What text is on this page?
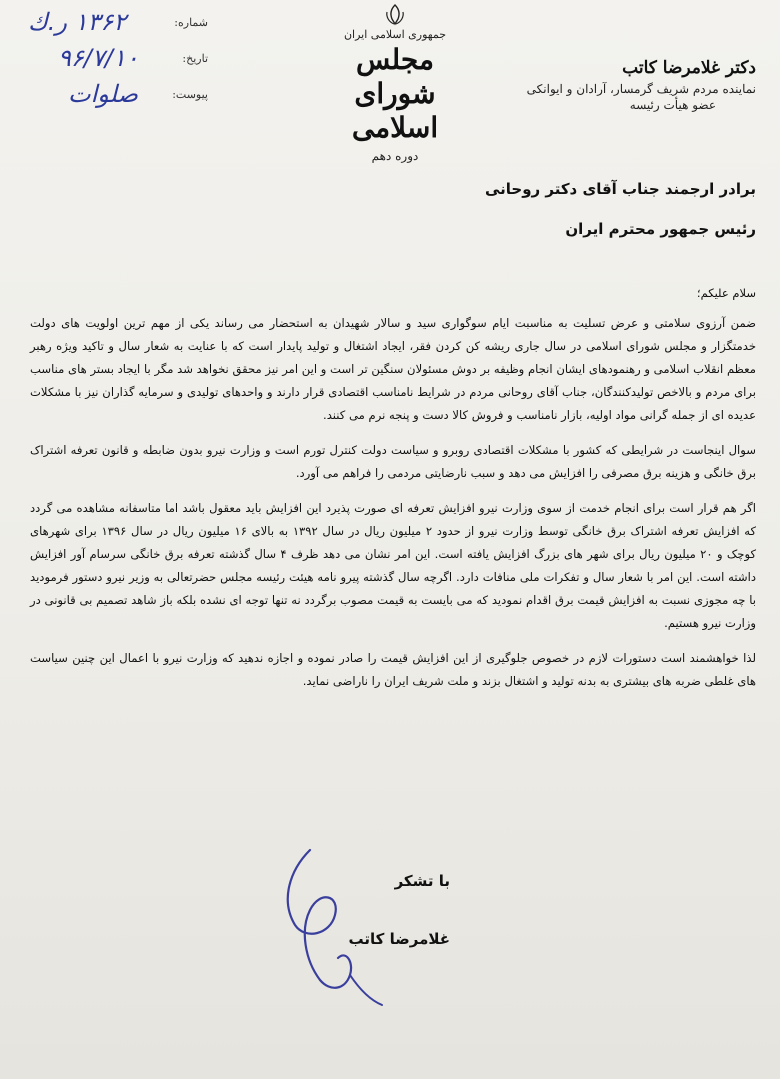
۱۳۶۲ ر.ك	شماره:
۹۶/۷/۱۰	تاريخ:
صلوات	پيوست:
جمهوری اسلامی ایران
مجلس شورای اسلامی
دوره دهم
دکتر غلامرضا کاتب
نماینده مردم شریف گرمسار، آرادان و ایوانکی
عضو هیأت رئیسه
برادر ارجمند جناب آقای دکتر روحانی
رئیس جمهور محترم ایران
سلام علیکم؛

ضمن آرزوی سلامتی و عرض تسلیت به مناسبت ایام سوگواری سید و سالار شهیدان به استحضار می رساند یکی از مهم ترین اولویت های دولت خدمتگزار و مجلس شورای اسلامی در سال جاری ریشه کن کردن فقر، ایجاد اشتغال و تولید پایدار است که با عنایت به شعار سال و تاکید ویژه رهبر معظم انقلاب اسلامی و رهنمودهای ایشان انجام وظیفه بر دوش مسئولان سنگین تر است و این امر نیز محقق نخواهد شد مگر با ایجاد بستر های مناسب برای مردم و بالاخص تولیدکنندگان، جناب آقای روحانی مردم در شرایط نامناسب اقتصادی قرار دارند و واحدهای تولیدی و سرمایه گذاران نیز با مشکلات عدیده ای از جمله گرانی مواد اولیه، بازار نامناسب و فروش کالا دست و پنجه نرم می کنند.

سوال اینجاست در شرایطی که کشور با مشکلات اقتصادی روبرو و سیاست دولت کنترل تورم است و وزارت نیرو بدون ضابطه و قانون تعرفه اشتراک برق خانگی و هزینه برق مصرفی را افزایش می دهد و سبب نارضایتی مردمی را فراهم می آورد.

اگر هم قرار است برای انجام خدمت از سوی وزارت نیرو افزایش تعرفه ای صورت پذیرد این افزایش باید معقول باشد اما متاسفانه مشاهده می گردد که افزایش تعرفه اشتراک برق خانگی توسط وزارت نیرو از حدود ۲ میلیون ریال در سال ۱۳۹۲ به بالای ۱۶ میلیون ریال در سال ۱۳۹۶ برای شهرهای کوچک و ۲۰ میلیون ریال برای شهر های بزرگ افزایش یافته است. این امر نشان می دهد ظرف ۴ سال گذشته تعرفه برق خانگی سرسام آور افزایش داشته است. این امر با شعار سال و تفکرات ملی منافات دارد. اگرچه سال گذشته پیرو نامه هیئت رئیسه مجلس حضرتعالی به وزیر نیرو دستور فرمودید با چه مجوزی نسبت به افزایش قیمت برق اقدام نمودید که می بایست به قیمت مصوب برگردد نه تنها توجه ای نشده بلکه باز شاهد تصمیم بی قانونی در وزارت نیرو هستیم.

لذا خواهشمند است دستورات لازم در خصوص جلوگیری از این افزایش قیمت را صادر نموده و اجازه ندهید که وزارت نیرو با اعمال این چنین سیاست های غلطی ضربه های بیشتری به بدنه تولید و اشتغال بزند و ملت شریف ایران را ناراضی نماید.

با تشکر
غلامرضا کاتب
